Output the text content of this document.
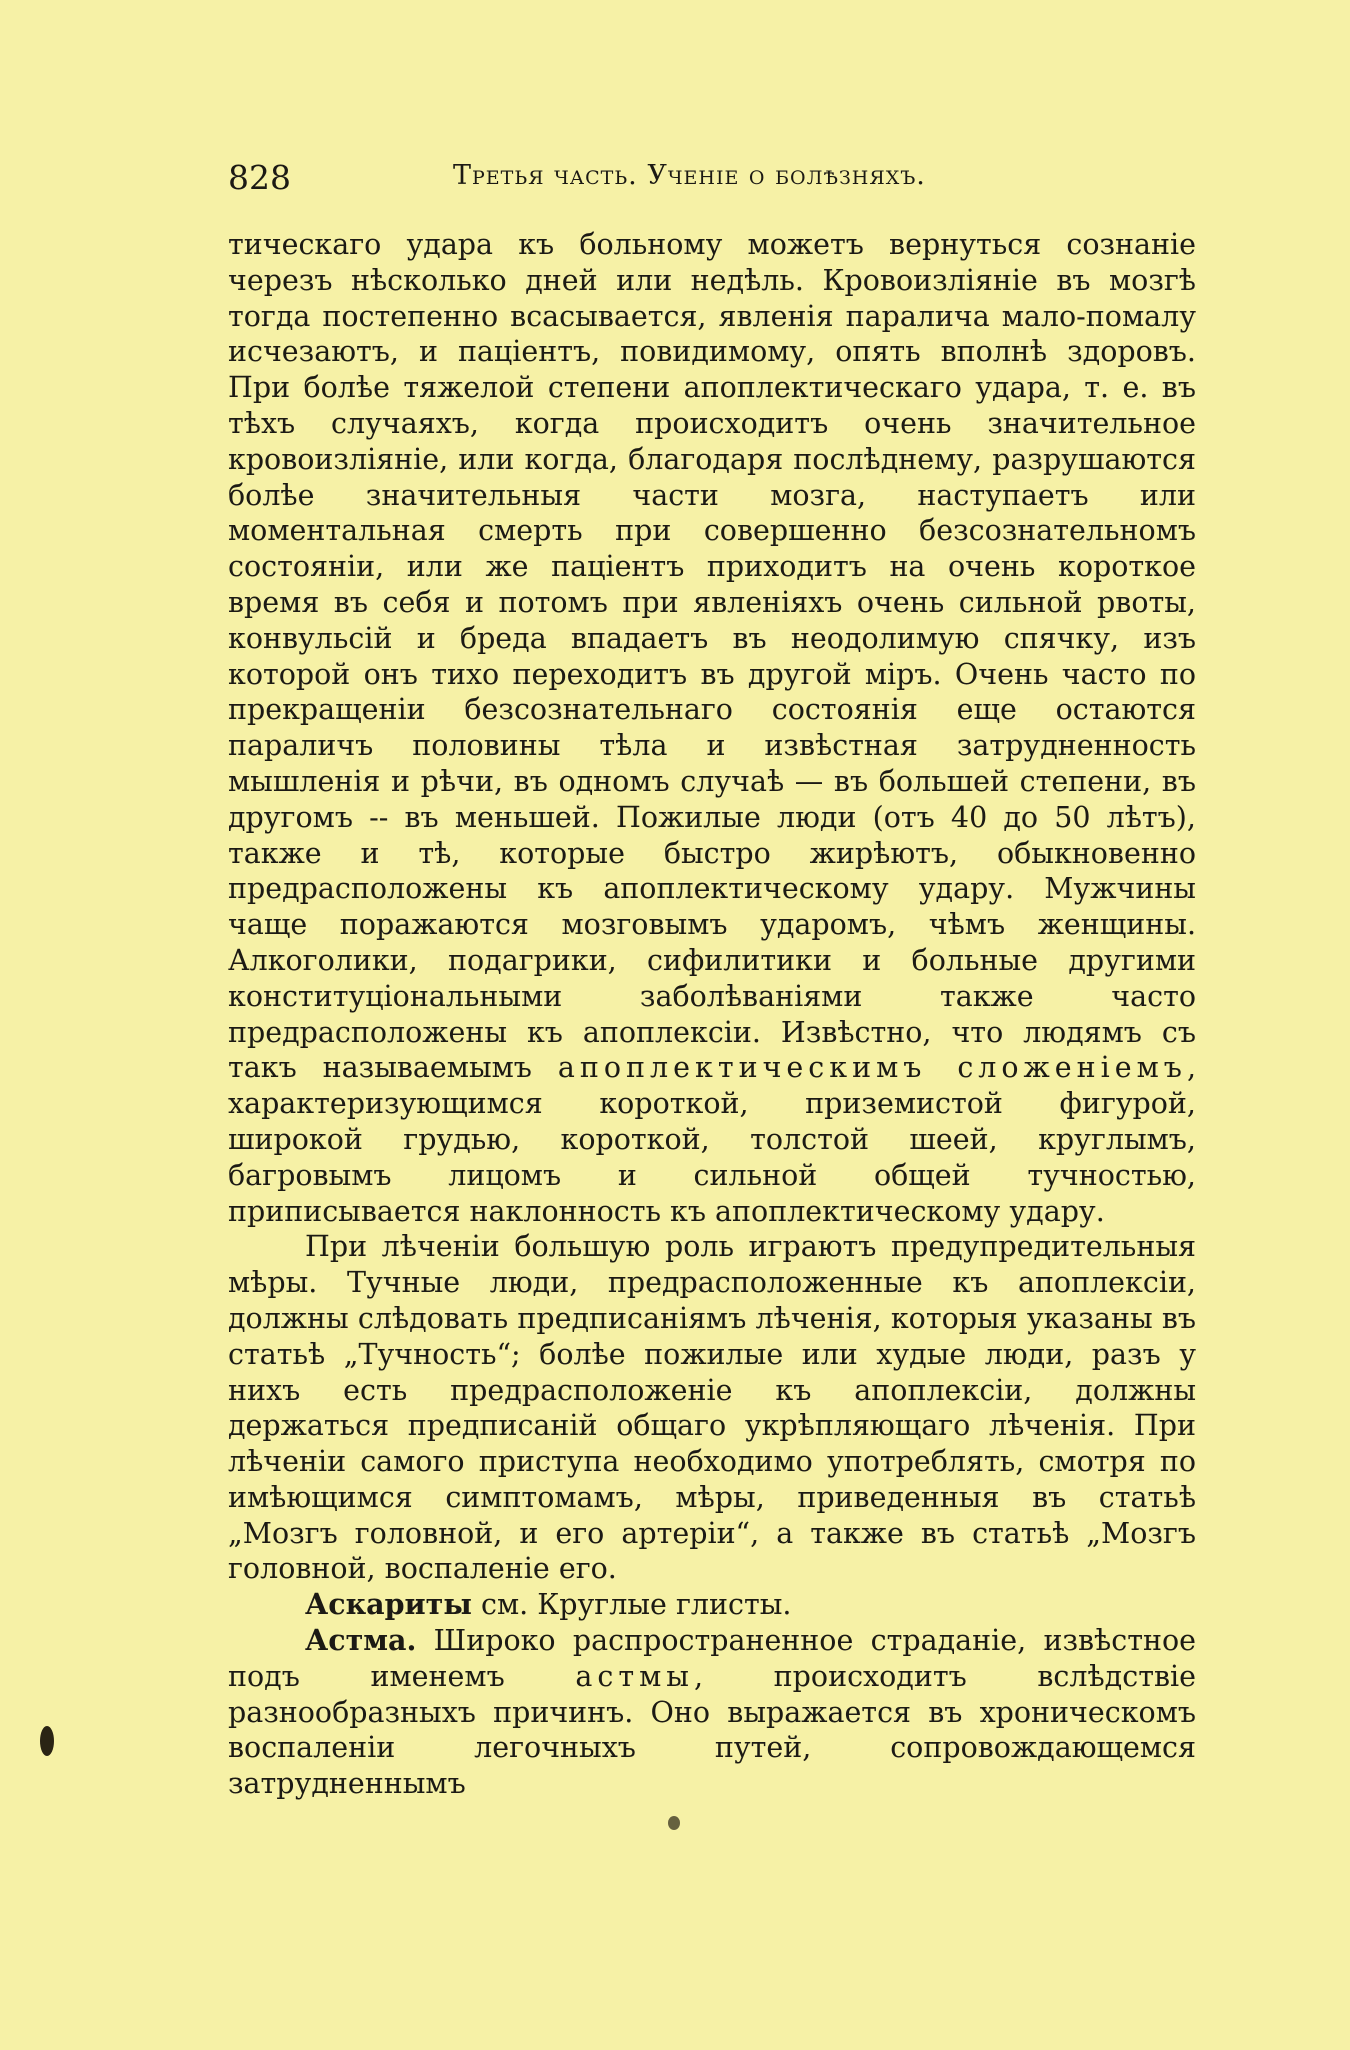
828	Третья часть. Ученіе о болѣзняхъ.

тическаго удара къ больному можетъ вернуться сознаніе черезъ нѣсколько дней или недѣль. Кровоизліяніе въ мозгѣ тогда постепенно всасывается, явленія паралича мало-помалу исчезаютъ, и паціентъ, повидимому, опять вполнѣ здоровъ. При болѣе тяжелой степени апоплектическаго удара, т. е. въ тѣхъ случаяхъ, когда происходитъ очень значительное кровоизліяніе, или когда, благодаря послѣднему, разрушаются болѣе значительныя части мозга, наступаетъ или моментальная смерть при совершенно безсознательномъ состояніи, или же паціентъ приходитъ на очень короткое время въ себя и потомъ при явленіяхъ очень сильной рвоты, конвульсій и бреда впадаетъ въ неодолимую спячку, изъ которой онъ тихо переходитъ въ другой міръ. Очень часто по прекращеніи безсознательнаго состоянія еще остаются параличъ половины тѣла и извѣстная затрудненность мышленія и рѣчи, въ одномъ случаѣ — въ большей степени, въ другомъ -- въ меньшей. Пожилые люди (отъ 40 до 50 лѣтъ), также и тѣ, которые быстро жирѣютъ, обыкновенно предрасположены къ апоплектическому удару. Мужчины чаще поражаются мозговымъ ударомъ, чѣмъ женщины. Алкоголики, подагрики, сифилитики и больные другими конституціональными заболѣваніями также часто предрасположены къ апоплексіи. Извѣстно, что людямъ съ такъ называемымъ апоплектическимъ сложеніемъ, характеризующимся короткой, приземистой фигурой, широкой грудью, короткой, толстой шеей, круглымъ, багровымъ лицомъ и сильной общей тучностью, приписывается наклонность къ апоплектическому удару.

При лѣченіи большую роль играютъ предупредительныя мѣры. Тучные люди, предрасположенные къ апоплексіи, должны слѣдовать предписаніямъ лѣченія, которыя указаны въ статьѣ „Тучность“; болѣе пожилые или худые люди, разъ у нихъ есть предрасположеніе къ апоплексіи, должны держаться предписаній общаго укрѣпляющаго лѣченія. При лѣченіи самого приступа необходимо употреблять, смотря по имѣющимся симптомамъ, мѣры, приведенныя въ статьѣ „Мозгъ головной, и его артеріи“, а также въ статьѣ „Мозгъ головной, воспаленіе его.

Аскариты см. Круглые глисты.

Астма. Широко распространенное страданіе, извѣстное подъ именемъ астмы, происходитъ вслѣдствіе разнообразныхъ причинъ. Оно выражается въ хроническомъ воспаленіи легочныхъ путей, сопровождающемся затрудненнымъ
